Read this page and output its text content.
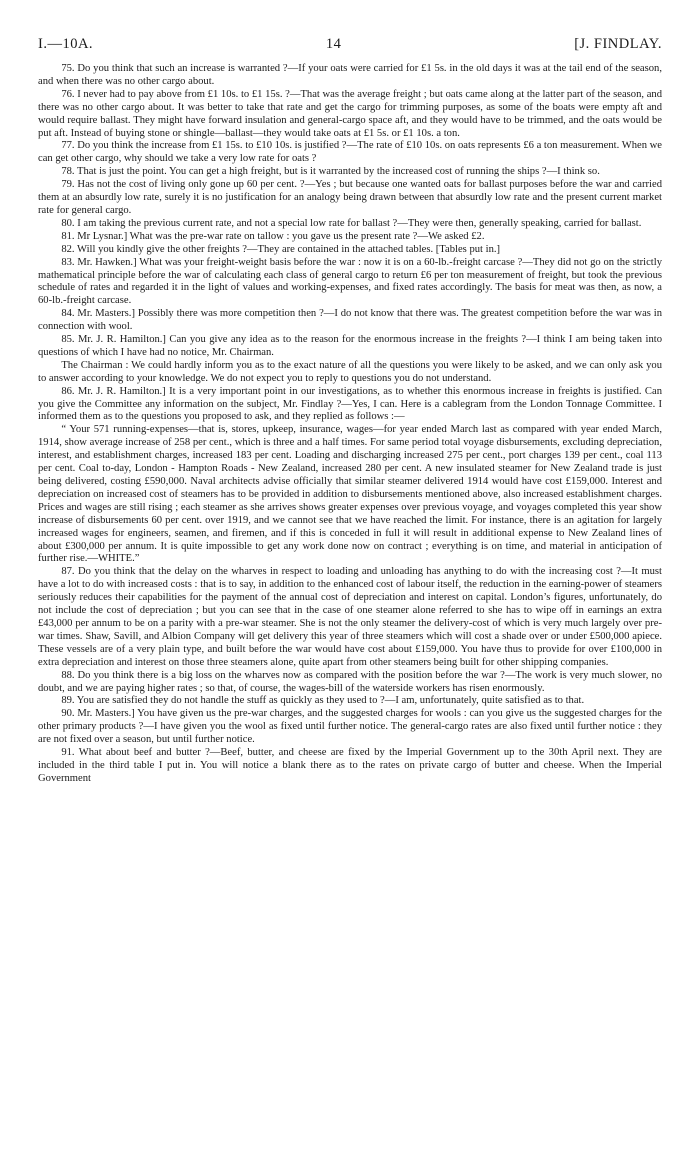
I.—10A.	14	[J. FINDLAY.

75. Do you think that such an increase is warranted ?—If your oats were carried for £1 5s. in the old days it was at the tail end of the season, and when there was no other cargo about.

76. I never had to pay above from £1 10s. to £1 15s. ?—That was the average freight ; but oats came along at the latter part of the season, and there was no other cargo about. It was better to take that rate and get the cargo for trimming purposes, as some of the boats were empty aft and would require ballast. They might have forward insulation and general-cargo space aft, and they would have to be trimmed, and the oats would be put aft. Instead of buying stone or shingle—ballast—they would take oats at £1 5s. or £1 10s. a ton.

77. Do you think the increase from £1 15s. to £10 10s. is justified ?—The rate of £10 10s. on oats represents £6 a ton measurement. When we can get other cargo, why should we take a very low rate for oats ?

78. That is just the point. You can get a high freight, but is it warranted by the increased cost of running the ships ?—I think so.

79. Has not the cost of living only gone up 60 per cent. ?—Yes ; but because one wanted oats for ballast purposes before the war and carried them at an absurdly low rate, surely it is no justification for an analogy being drawn between that absurdly low rate and the present current market rate for general cargo.

80. I am taking the previous current rate, and not a special low rate for ballast ?—They were then, generally speaking, carried for ballast.

81. Mr Lysnar.] What was the pre-war rate on tallow : you gave us the present rate ?—We asked £2.

82. Will you kindly give the other freights ?—They are contained in the attached tables. [Tables put in.]

83. Mr. Hawken.] What was your freight-weight basis before the war : now it is on a 60-lb.-freight carcase ?—They did not go on the strictly mathematical principle before the war of calculating each class of general cargo to return £6 per ton measurement of freight, but took the previous schedule of rates and regarded it in the light of values and working-expenses, and fixed rates accordingly. The basis for meat was then, as now, a 60-lb.-freight carcase.

84. Mr. Masters.] Possibly there was more competition then ?—I do not know that there was. The greatest competition before the war was in connection with wool.

85. Mr. J. R. Hamilton.] Can you give any idea as to the reason for the enormous increase in the freights ?—I think I am being taken into questions of which I have had no notice, Mr. Chairman.

The Chairman : We could hardly inform you as to the exact nature of all the questions you were likely to be asked, and we can only ask you to answer according to your knowledge. We do not expect you to reply to questions you do not understand.

86. Mr. J. R. Hamilton.] It is a very important point in our investigations, as to whether this enormous increase in freights is justified. Can you give the Committee any information on the subject, Mr. Findlay ?—Yes, I can. Here is a cablegram from the London Tonnage Committee. I informed them as to the questions you proposed to ask, and they replied as follows :—

“ Your 571 running-expenses—that is, stores, upkeep, insurance, wages—for year ended March last as compared with year ended March, 1914, show average increase of 258 per cent., which is three and a half times. For same period total voyage disbursements, excluding depreciation, interest, and establishment charges, increased 183 per cent. Loading and discharging increased 275 per cent., port charges 139 per cent., coal 113 per cent. Coal to-day, London - Hampton Roads - New Zealand, increased 280 per cent. A new insulated steamer for New Zealand trade is just being delivered, costing £590,000. Naval architects advise officially that similar steamer delivered 1914 would have cost £159,000. Interest and depreciation on increased cost of steamers has to be provided in addition to disbursements mentioned above, also increased establishment charges. Prices and wages are still rising ; each steamer as she arrives shows greater expenses over previous voyage, and voyages completed this year show increase of disbursements 60 per cent. over 1919, and we cannot see that we have reached the limit. For instance, there is an agitation for largely increased wages for engineers, seamen, and firemen, and if this is conceded in full it will result in additional expense to New Zealand lines of about £300,000 per annum. It is quite impossible to get any work done now on contract ; everything is on time, and material in anticipation of further rise.—WHITE.”

87. Do you think that the delay on the wharves in respect to loading and unloading has anything to do with the increasing cost ?—It must have a lot to do with increased costs : that is to say, in addition to the enhanced cost of labour itself, the reduction in the earning-power of steamers seriously reduces their capabilities for the payment of the annual cost of depreciation and interest on capital. London’s figures, unfortunately, do not include the cost of depreciation ; but you can see that in the case of one steamer alone referred to she has to wipe off in earnings an extra £43,000 per annum to be on a parity with a pre-war steamer. She is not the only steamer the delivery-cost of which is very much largely over pre-war times. Shaw, Savill, and Albion Company will get delivery this year of three steamers which will cost a shade over or under £500,000 apiece. These vessels are of a very plain type, and built before the war would have cost about £159,000. You have thus to provide for over £100,000 in extra depreciation and interest on those three steamers alone, quite apart from other steamers being built for other shipping companies.

88. Do you think there is a big loss on the wharves now as compared with the position before the war ?—The work is very much slower, no doubt, and we are paying higher rates ; so that, of course, the wages-bill of the waterside workers has risen enormously.

89. You are satisfied they do not handle the stuff as quickly as they used to ?—I am, unfortunately, quite satisfied as to that.

90. Mr. Masters.] You have given us the pre-war charges, and the suggested charges for wools : can you give us the suggested charges for the other primary products ?—I have given you the wool as fixed until further notice. The general-cargo rates are also fixed until further notice : they are not fixed over a season, but until further notice.

91. What about beef and butter ?—Beef, butter, and cheese are fixed by the Imperial Government up to the 30th April next. They are included in the third table I put in. You will notice a blank there as to the rates on private cargo of butter and cheese. When the Imperial Government
